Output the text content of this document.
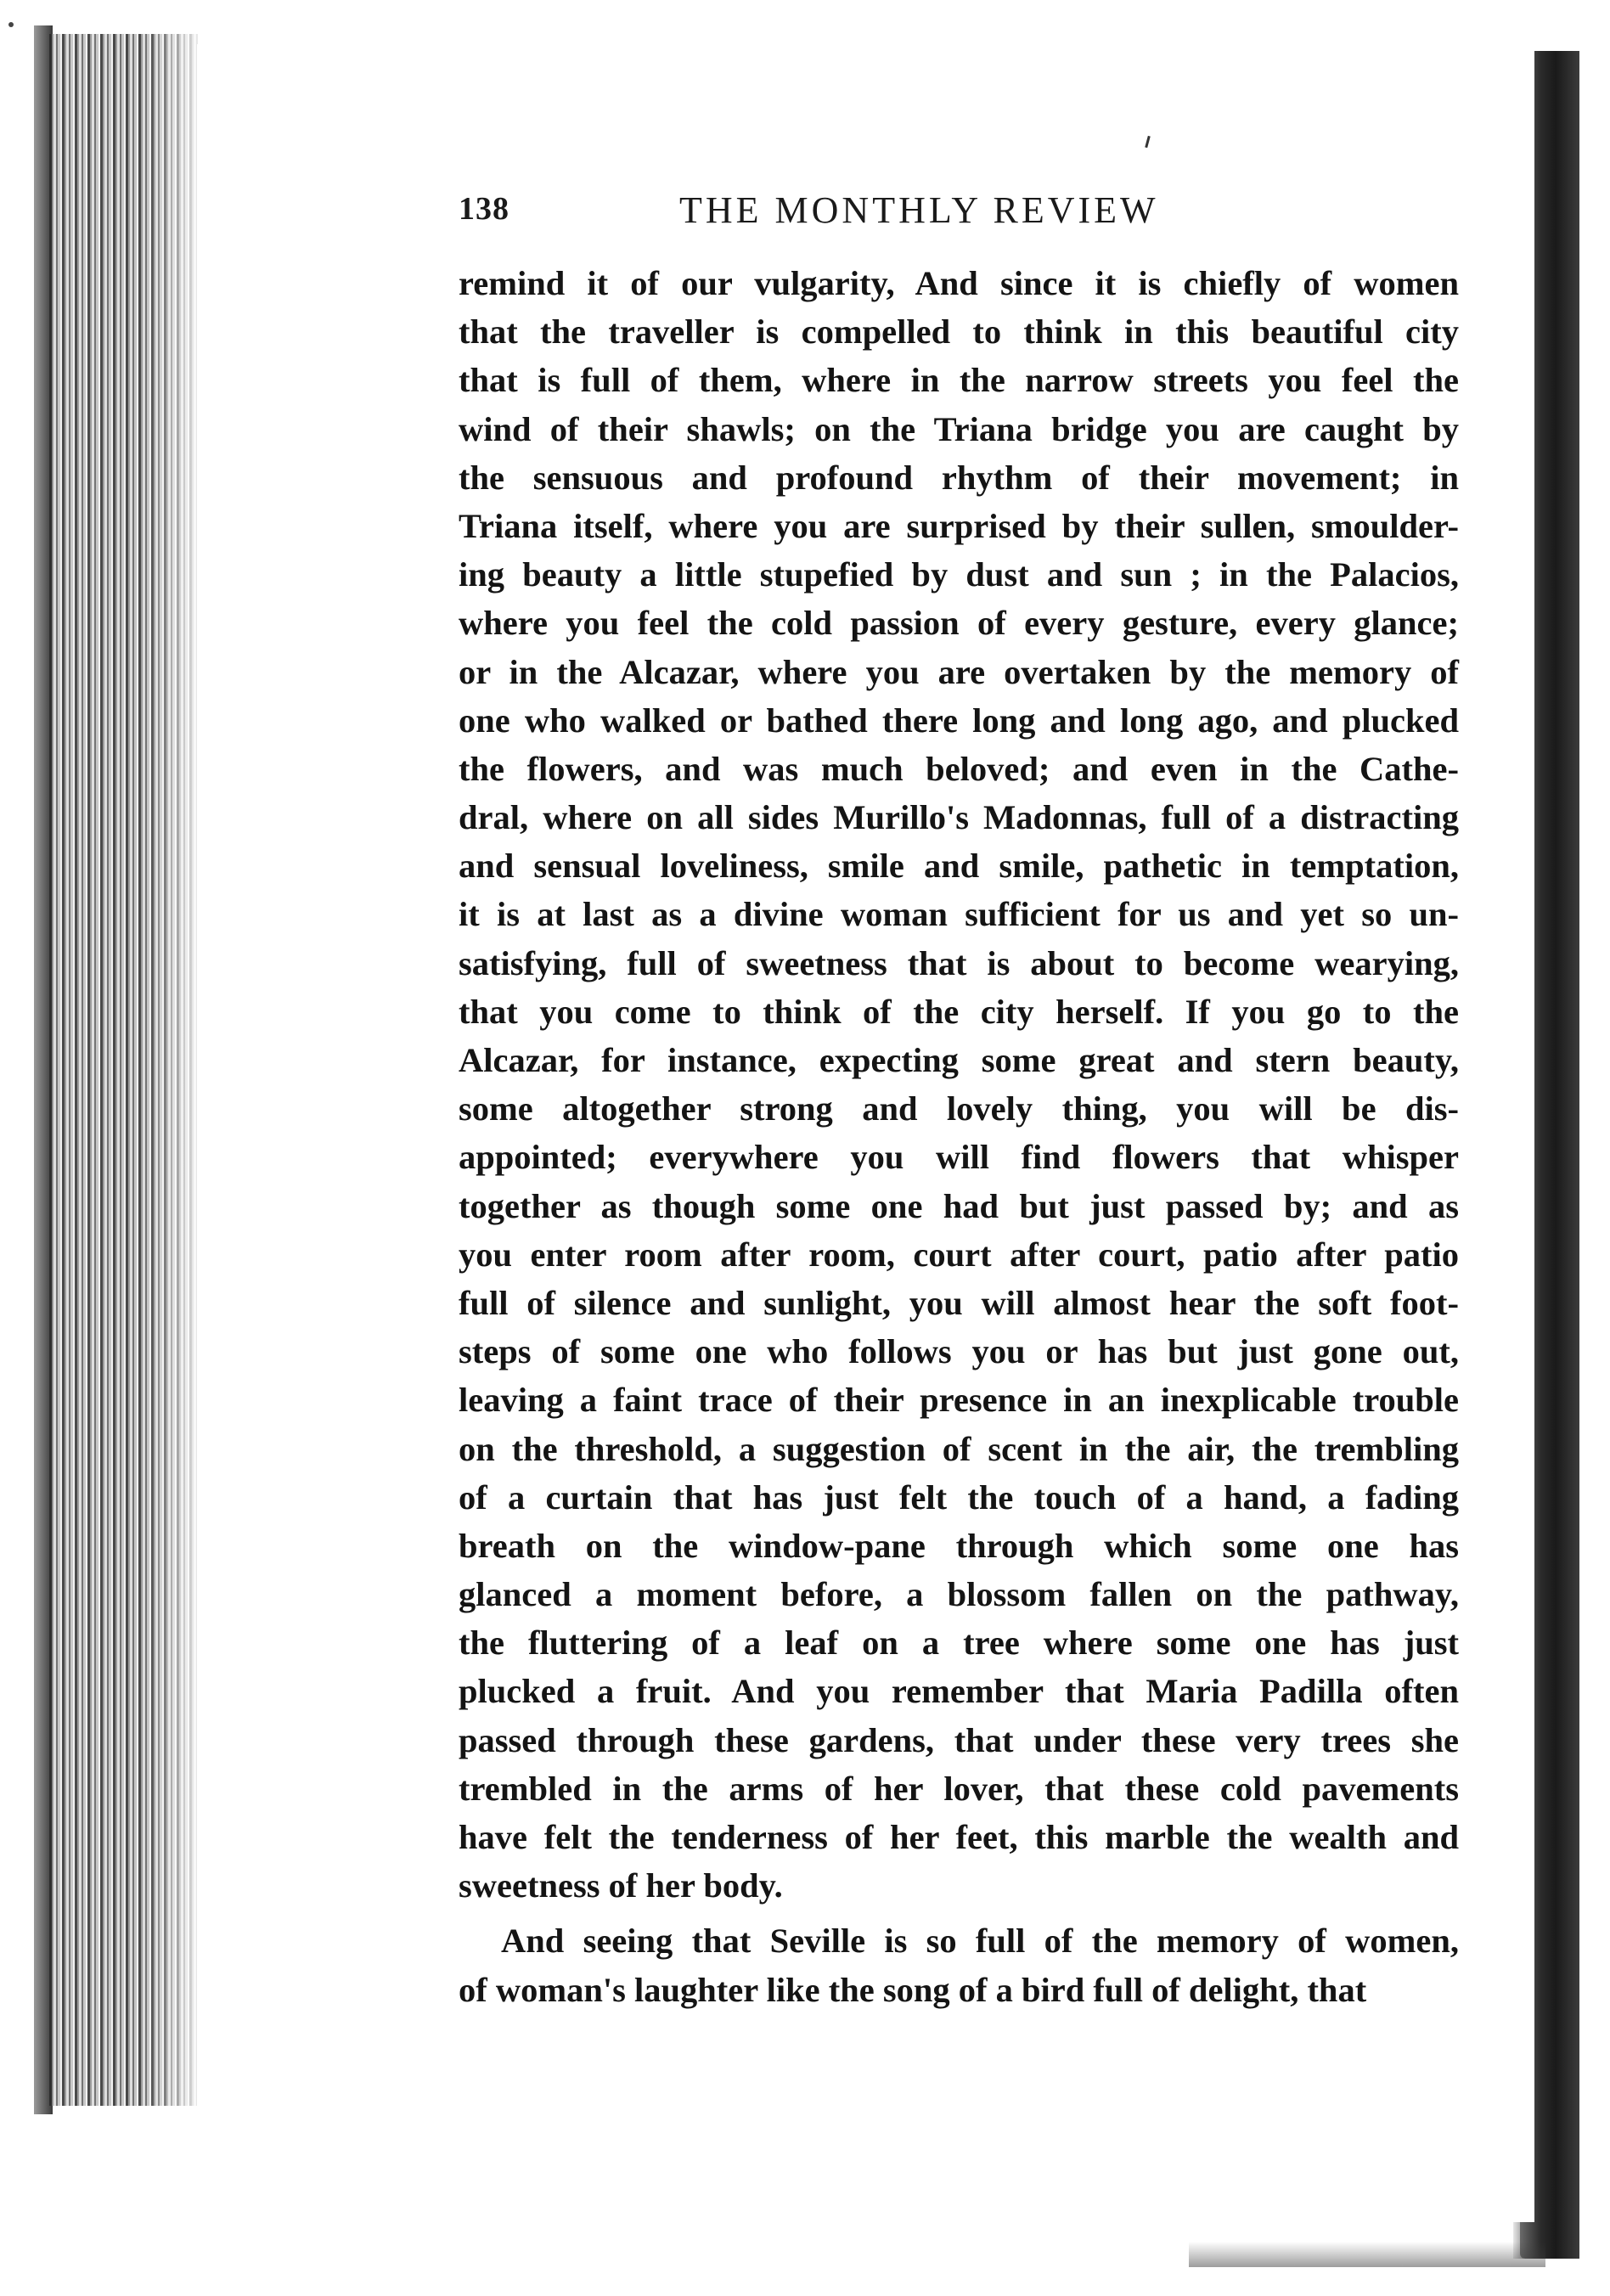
138	THE MONTHLY REVIEW
remind it of our vulgarity, And since it is chiefly of women
that the traveller is compelled to think in this beautiful city
that is full of them, where in the narrow streets you feel the
wind of their shawls; on the Triana bridge you are caught by
the sensuous and profound rhythm of their movement; in
Triana itself, where you are surprised by their sullen, smoulder-
ing beauty a little stupefied by dust and sun ; in the Palacios,
where you feel the cold passion of every gesture, every glance;
or in the Alcazar, where you are overtaken by the memory of
one who walked or bathed there long and long ago, and plucked
the flowers, and was much beloved; and even in the Cathe-
dral, where on all sides Murillo's Madonnas, full of a distracting
and sensual loveliness, smile and smile, pathetic in temptation,
it is at last as a divine woman sufficient for us and yet so un-
satisfying, full of sweetness that is about to become wearying,
that you come to think of the city herself. If you go to the
Alcazar, for instance, expecting some great and stern beauty,
some altogether strong and lovely thing, you will be dis-
appointed; everywhere you will find flowers that whisper
together as though some one had but just passed by; and as
you enter room after room, court after court, patio after patio
full of silence and sunlight, you will almost hear the soft foot-
steps of some one who follows you or has but just gone out,
leaving a faint trace of their presence in an inexplicable trouble
on the threshold, a suggestion of scent in the air, the trembling
of a curtain that has just felt the touch of a hand, a fading
breath on the window-pane through which some one has
glanced a moment before, a blossom fallen on the pathway,
the fluttering of a leaf on a tree where some one has just
plucked a fruit. And you remember that Maria Padilla often
passed through these gardens, that under these very trees she
trembled in the arms of her lover, that these cold pavements
have felt the tenderness of her feet, this marble the wealth and
sweetness of her body.
And seeing that Seville is so full of the memory of women,
of woman's laughter like the song of a bird full of delight, that
